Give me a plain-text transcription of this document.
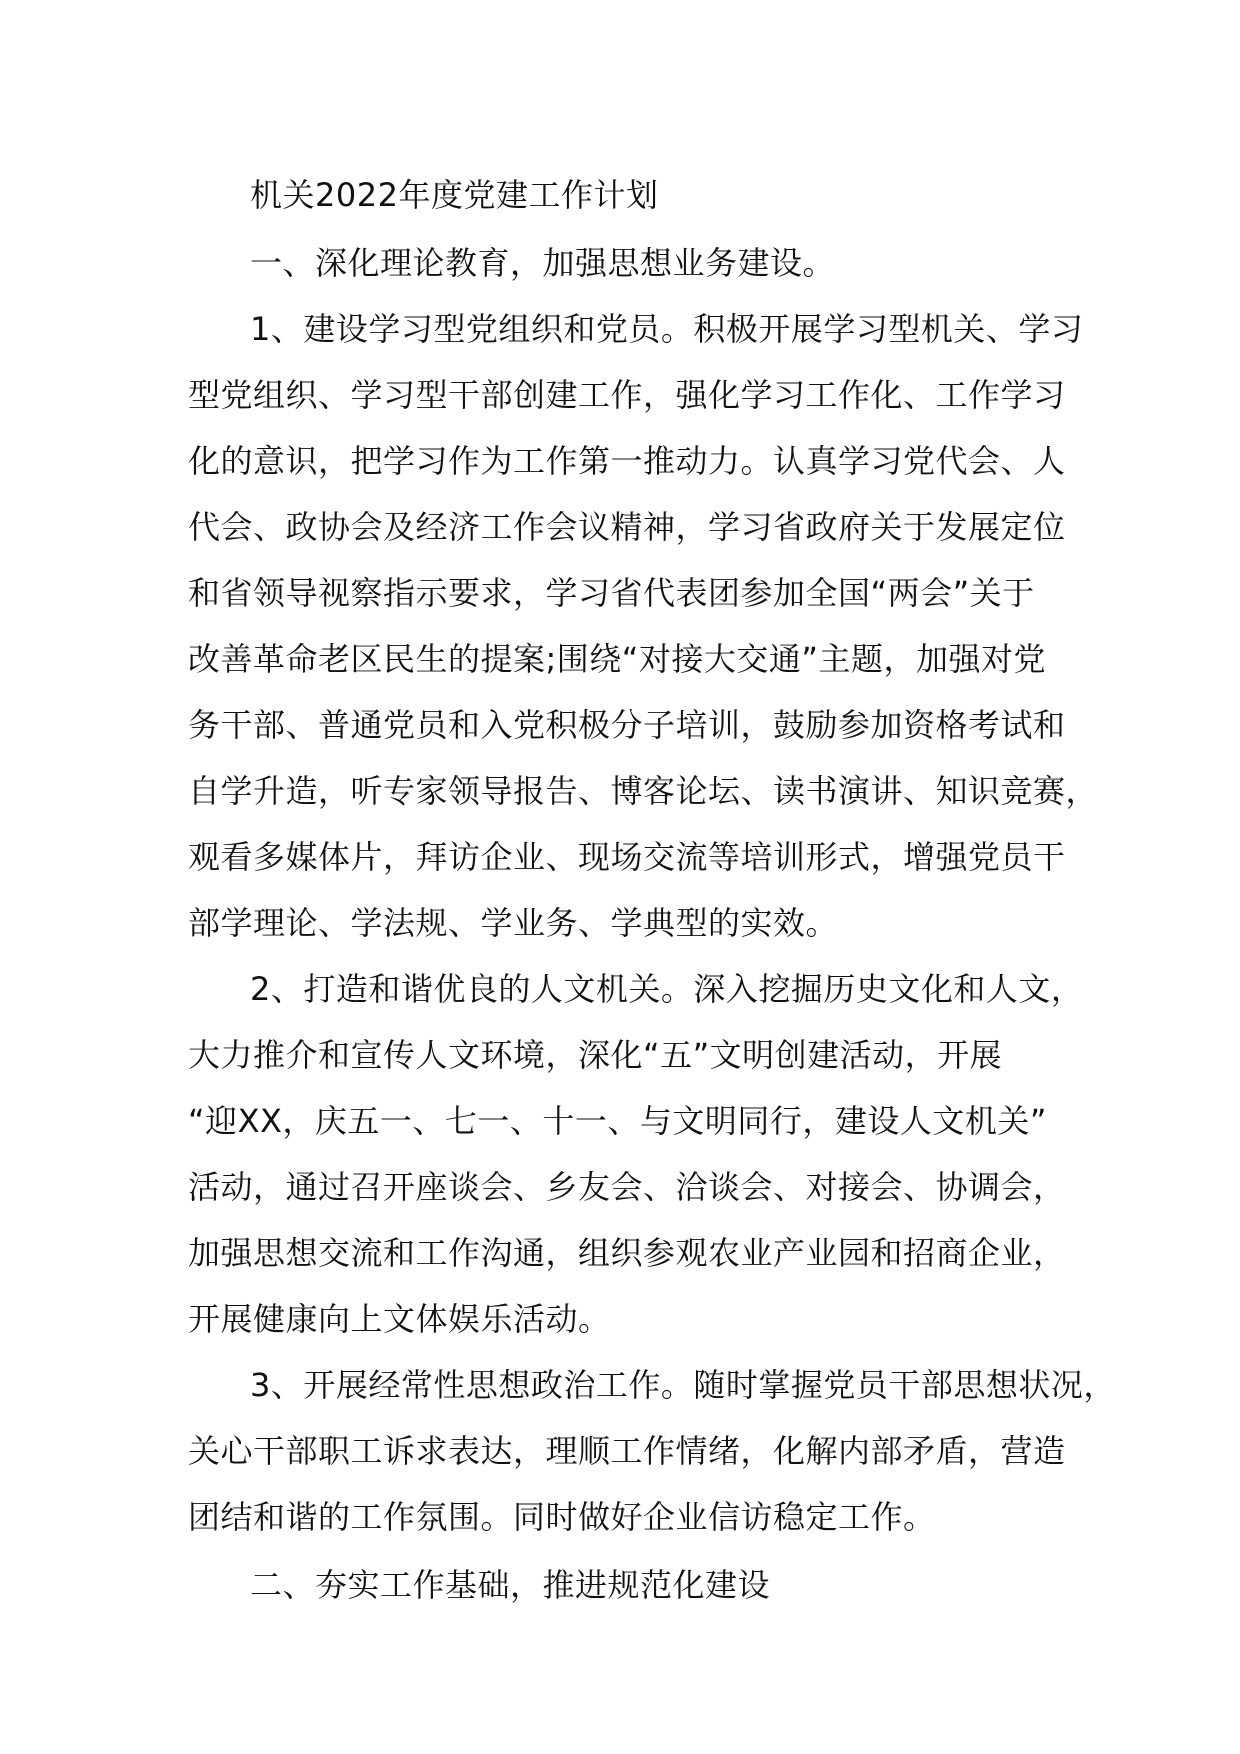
机关2022年度党建工作计划
一、深化理论教育，加强思想业务建设。
1、建设学习型党组织和党员。积极开展学习型机关、学习
型党组织、学习型干部创建工作，强化学习工作化、工作学习
化的意识，把学习作为工作第一推动力。认真学习党代会、人
代会、政协会及经济工作会议精神，学习省政府关于发展定位
和省领导视察指示要求，学习省代表团参加全国“两会”关于
改善革命老区民生的提案;围绕“对接大交通”主题，加强对党
务干部、普通党员和入党积极分子培训，鼓励参加资格考试和
自学升造，听专家领导报告、博客论坛、读书演讲、知识竞赛，
观看多媒体片，拜访企业、现场交流等培训形式，增强党员干
部学理论、学法规、学业务、学典型的实效。
2、打造和谐优良的人文机关。深入挖掘历史文化和人文，
大力推介和宣传人文环境，深化“五”文明创建活动，开展
“迎XX，庆五一、七一、十一、与文明同行，建设人文机关”
活动，通过召开座谈会、乡友会、洽谈会、对接会、协调会，
加强思想交流和工作沟通，组织参观农业产业园和招商企业，
开展健康向上文体娱乐活动。
3、开展经常性思想政治工作。随时掌握党员干部思想状况，
关心干部职工诉求表达，理顺工作情绪，化解内部矛盾，营造
团结和谐的工作氛围。同时做好企业信访稳定工作。
二、夯实工作基础，推进规范化建设
